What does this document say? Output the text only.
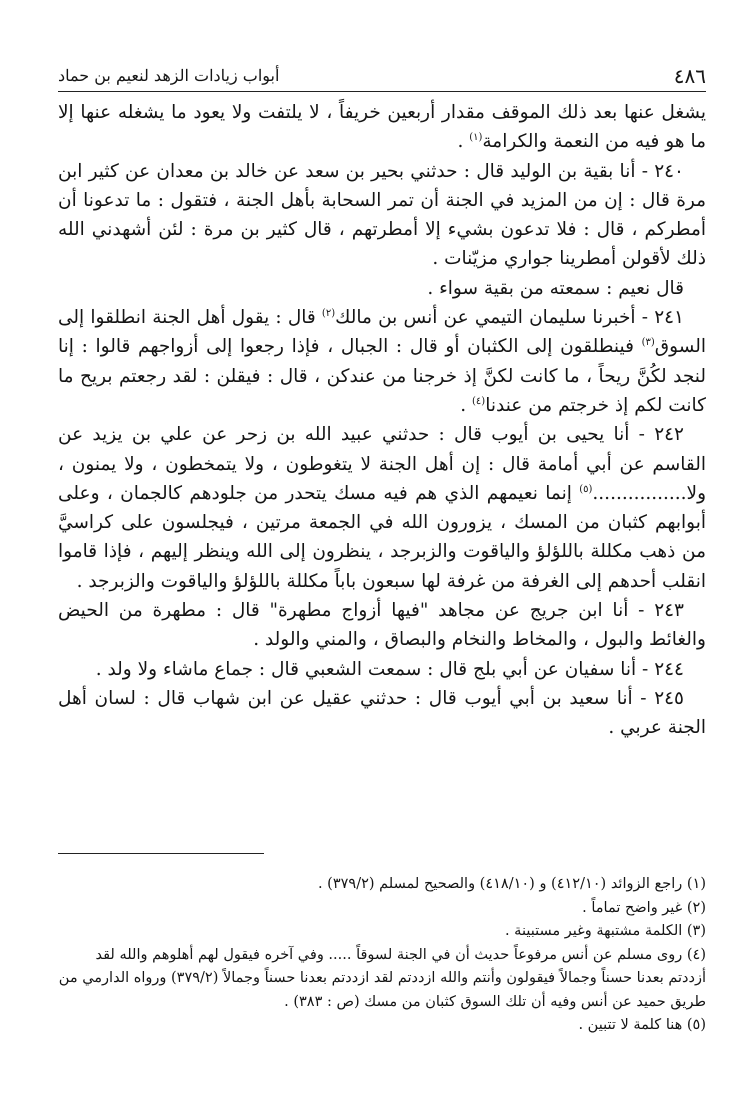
٤٨٦
أبواب زيادات الزهد لنعيم بن حماد

يشغل عنها بعد ذلك الموقف مقدار أربعين خريفاً ، لا يلتفت ولا يعود ما يشغله عنها إلا ما هو فيه من النعمة والكرامة$^{(١)}$ .

٢٤٠ - أنا بقية بن الوليد قال : حدثني بحير بن سعد عن خالد بن معدان عن كثير ابن مرة قال : إن من المزيد في الجنة أن تمر السحابة بأهل الجنة ، فتقول : ما تدعونا أن أمطركم ، قال : فلا تدعون بشيء إلا أمطرتهم ، قال كثير بن مرة : لئن أشهدني الله ذلك لأقولن أمطرينا جواري مزيّنات .

قال نعيم : سمعته من بقية سواء .

٢٤١ - أخبرنا سليمان التيمي عن أنس بن مالك$^{(٢)}$ قال : يقول أهل الجنة انطلقوا إلى السوق$^{(٣)}$ فينطلقون إلى الكثبان أو قال : الجبال ، فإذا رجعوا إلى أزواجهم قالوا : إنا لنجد لكُنَّ ريحاً ، ما كانت لكنَّ إذ خرجنا من عندكن ، قال : فيقلن : لقد رجعتم بريح ما كانت لكم إذ خرجتم من عندنا$^{(٤)}$ .

٢٤٢ - أنا يحيى بن أيوب قال : حدثني عبيد الله بن زحر عن علي بن يزيد عن القاسم عن أبي أمامة قال : إن أهل الجنة لا يتغوطون ، ولا يتمخطون ، ولا يمنون ، ولا................$^{(٥)}$ إنما نعيمهم الذي هم فيه مسك يتحدر من جلودهم كالجمان ، وعلى أبوابهم كثبان من المسك ، يزورون الله في الجمعة مرتين ، فيجلسون على كراسيَّ من ذهب مكللة باللؤلؤ والياقوت والزبرجد ، ينظرون إلى الله وينظر إليهم ، فإذا قاموا انقلب أحدهم إلى الغرفة من غرفة لها سبعون باباً مكللة باللؤلؤ والياقوت والزبرجد .

٢٤٣ - أنا ابن جريج عن مجاهد "فيها أزواج مطهرة" قال : مطهرة من الحيض والغائط والبول ، والمخاط والنخام والبصاق ، والمني والولد .

٢٤٤ - أنا سفيان عن أبي بلج قال : سمعت الشعبي قال : جماع ماشاء ولا ولد .

٢٤٥ - أنا سعيد بن أبي أيوب قال : حدثني عقيل عن ابن شهاب قال : لسان أهل الجنة عربي .

(١) راجع الزوائد (٤١٢/١٠) و (٤١٨/١٠) والصحيح لمسلم (٣٧٩/٢) .

(٢) غير واضح تماماً .

(٣) الكلمة مشتبهة وغير مستبينة .

(٤) روى مسلم عن أنس مرفوعاً حديث أن في الجنة لسوقاً ..... وفي آخره فيقول لهم أهلوهم والله لقد أزددتم بعدنا حسناً وجمالاً فيقولون وأنتم والله ازددتم لقد ازددتم بعدنا حسناً وجمالاً (٣٧٩/٢) ورواه الدارمي من طريق حميد عن أنس وفيه أن تلك السوق كثبان من مسك (ص : ٣٨٣) .

(٥) هنا كلمة لا تتبين .
